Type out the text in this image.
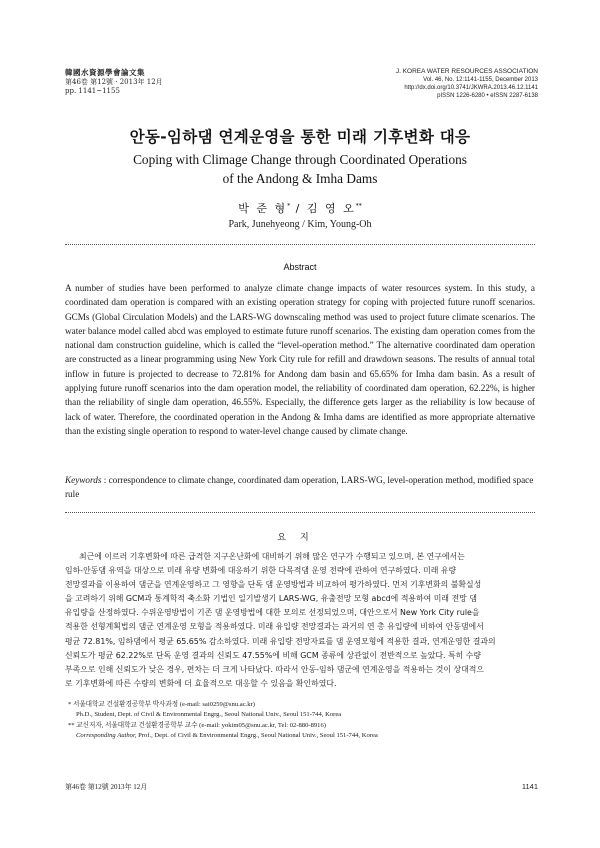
韓國水資源學會論文集
第46卷 第12號 · 2013年 12月
pp. 1141~1155
J. KOREA WATER RESOURCES ASSOCIATION
Vol. 46, No. 12:1141-1155, December 2013
http://dx.doi.org/10.3741/JKWRA.2013.46.12.1141
pISSN 1226-6280 • eISSN 2287-6138
안동-임하댐 연계운영을 통한 미래 기후변화 대응
Coping with Climage Change through Coordinated Operations
of the Andong & Imha Dams
박 준 형* / 김 영 오**
Park, Junehyeong / Kim, Young-Oh
Abstract

A number of studies have been performed to analyze climate change impacts of water resources system. In this study, a coordinated dam operation is compared with an existing operation strategy for coping with projected future runoff scenarios. GCMs (Global Circulation Models) and the LARS-WG downscaling method was used to project future climate scenarios. The water balance model called abcd was employed to estimate future runoff scenarios. The existing dam operation comes from the national dam construction guideline, which is called the “level-operation method.” The alternative coordinated dam operation are constructed as a linear programming using New York City rule for refill and drawdown seasons. The results of annual total inflow in future is projected to decrease to 72.81% for Andong dam basin and 65.65% for Imha dam basin. As a result of applying future runoff scenarios into the dam operation model, the reliability of coordinated dam operation, 62.22%, is higher than the reliability of single dam operation, 46.55%. Especially, the difference gets larger as the reliability is low because of lack of water. Therefore, the coordinated operation in the Andong & Imha dams are identified as more appropriate alternative than the existing single operation to respond to water-level change caused by climate change.

Keywords : correspondence to climate change, coordinated dam operation, LARS-WG, level-operation method, modified space rule
요지
최근에 이르러 기후변화에 따른 급격한 지구온난화에 대비하기 위해 많은 연구가 수행되고 있으며, 본 연구에서는
임하-안동댐 유역을 대상으로 미래 유량 변화에 대응하기 위한 다목적댐 운영 전략에 관하여 연구하였다. 미래 유량
전망결과를 이용하여 댐군을 연계운영하고 그 영향을 단독 댐 운영방법과 비교하여 평가하였다. 먼저 기후변화의 불확실성
을 고려하기 위해 GCM과 통계학적 축소화 기법인 일기발생기 LARS-WG, 유출전망 모형 abcd에 적용하여 미래 전망 댐
유입량을 산정하였다. 수위운영방법이 기존 댐 운영방법에 대한 모의로 선정되었으며, 대안으로서 New York City rule을
적용한 선형계획법의 댐군 연계운영 모형을 적용하였다. 미래 유입량 전망결과는 과거의 연 총 유입량에 비하여 안동댐에서
평균 72.81%, 임하댐에서 평균 65.65% 감소하였다. 미래 유입량 전망자료를 댐 운영모형에 적용한 결과, 연계운영한 결과의
신뢰도가 평균 62.22%로 단독 운영 결과의 신뢰도 47.55%에 비해 GCM 종류에 상관없이 전반적으로 높았다. 특히 수량
부족으로 인해 신뢰도가 낮은 경우, 편차는 더 크게 나타났다. 따라서 안동-임하 댐군에 연계운영을 적용하는 것이 상대적으
로 기후변화에 따른 수량의 변화에 더 효율적으로 대응할 수 있음을 확인하였다.
* 서울대학교 건설환경공학부 박사과정 (e-mail: sai0259@snu.ac.kr)
Ph.D., Student, Dept. of Civil & Environmental Engrg., Seoul National Univ., Seoul 151-744, Korea
** 교신저자, 서울대학교 건설환경공학부 교수 (e-mail: yokim05@snu.ac.kr, Tel: 02-880-8916)
Corresponding Author, Prof., Dept. of Civil & Environmental Engrg., Seoul National Univ., Seoul 151-744, Korea
第46卷 第12號 2013年 12月	1141
